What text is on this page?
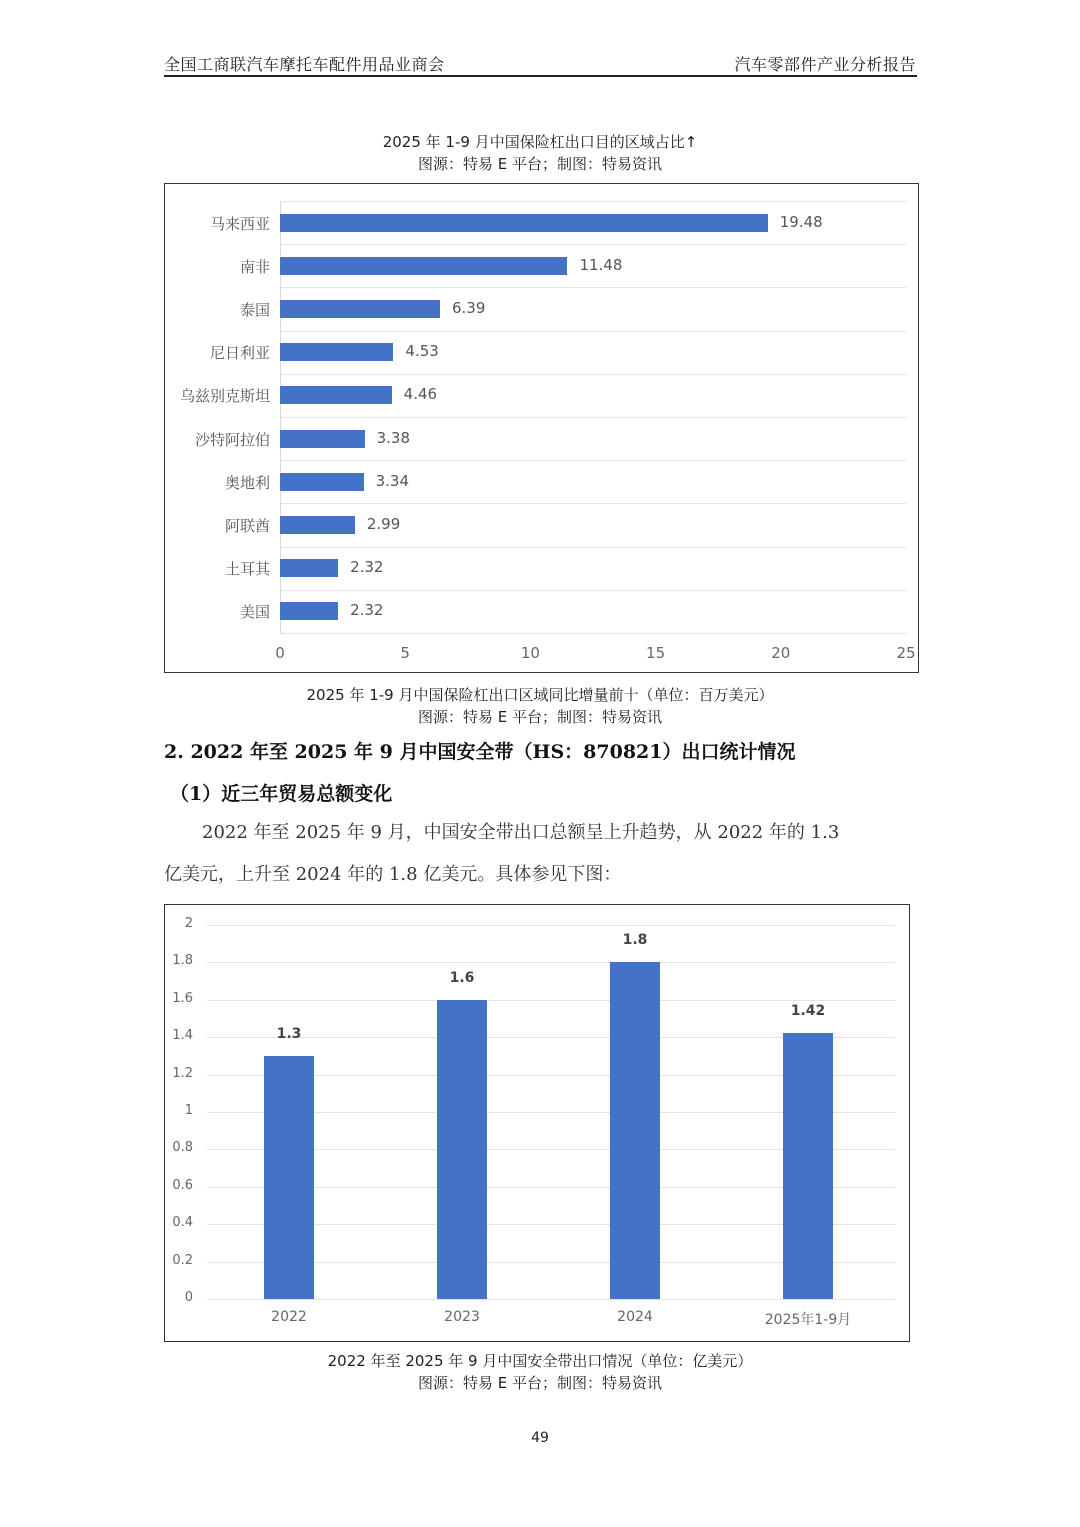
全国工商联汽车摩托车配件用品业商会	汽车零部件产业分析报告
2025 年 1-9 月中国保险杠出口目的区域占比↑
图源：特易 E 平台；制图：特易资讯
马来西亚	19.48
南非	11.48
泰国	6.39
尼日利亚	4.53
乌兹别克斯坦	4.46
沙特阿拉伯	3.38
奥地利	3.34
阿联酋	2.99
土耳其	2.32
美国	2.32
0	5	10	15	20	25
2025 年 1-9 月中国保险杠出口区域同比增量前十（单位：百万美元）
图源：特易 E 平台；制图：特易资讯
2. 2022 年至 2025 年 9 月中国安全带（HS：870821）出口统计情况
（1）近三年贸易总额变化
2022 年至 2025 年 9 月，中国安全带出口总额呈上升趋势，从 2022 年的 1.3
亿美元，上升至 2024 年的 1.8 亿美元。具体参见下图：
0
0.2
0.4
0.6
0.8
1
1.2
1.4
1.6
1.8
2
1.3
2022
1.6
2023
1.8
2024
1.42
2025年1-9月
2022 年至 2025 年 9 月中国安全带出口情况（单位：亿美元）
图源：特易 E 平台；制图：特易资讯
49
